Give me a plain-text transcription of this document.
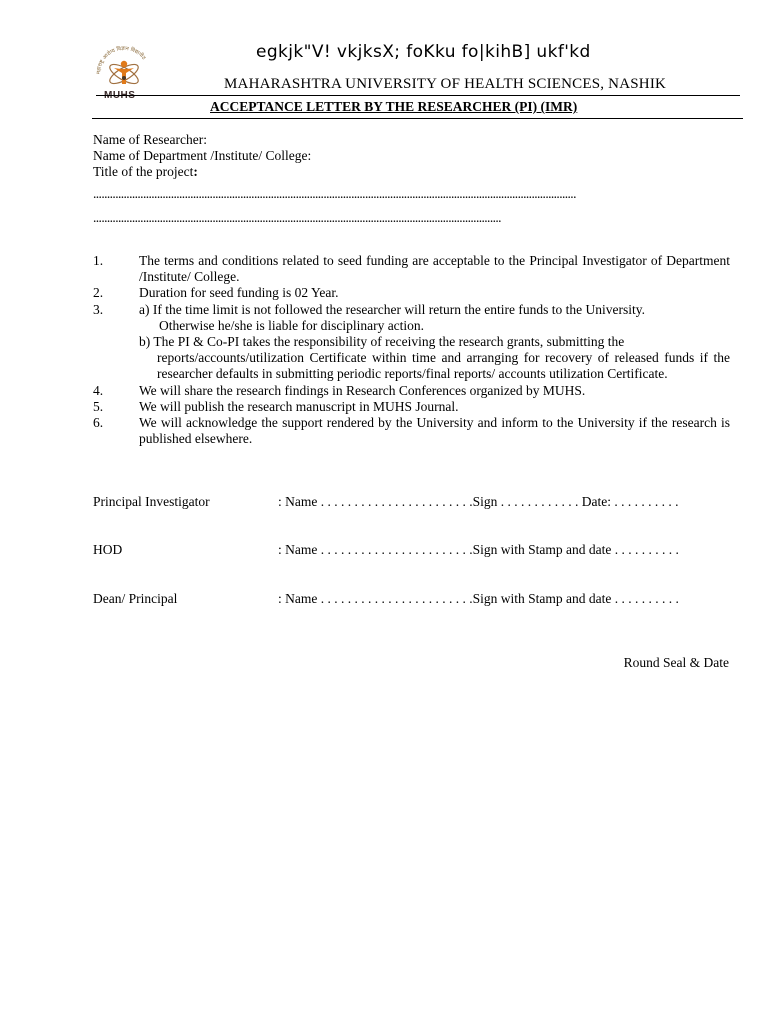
महाराष्ट्र आरोग्य विज्ञान विद्यापीठ
MUHS
egkjk"V! vkjksX; foKku fo|kihB] ukf'kd
MAHARASHTRA UNIVERSITY OF HEALTH SCIENCES, NASHIK
ACCEPTANCE LETTER BY THE RESEARCHER (PI) (IMR)
Name of Researcher:
Name of Department /Institute/ College:
Title of the project:
..............................................................................................................................................................................
...................................................................................................................................................
1.	The terms and conditions related to seed funding are acceptable to the Principal Investigator of Department /Institute/ College.
2.	Duration for seed funding is 02 Year.
3.	a) If the time limit is not followed the researcher will return the entire funds to the University.
Otherwise he/she is liable for disciplinary action.
b) The PI & Co-PI takes the responsibility of receiving the research grants, submitting the
reports/accounts/utilization Certificate within time and arranging for recovery of released funds if the researcher defaults in submitting periodic reports/final reports/ accounts utilization Certificate.
4.	We will share the research findings in Research Conferences organized by MUHS.
5.	We will publish the research manuscript in MUHS Journal.
6.	We will acknowledge the support rendered by the University and inform to the University if the research is published elsewhere.
Principal Investigator	: Name . . . . . . . . . . . . . . . . . . . . . . .Sign . . . . . . . . . . . . Date: . . . . . . . . . .
HOD	: Name . . . . . . . . . . . . . . . . . . . . . . .Sign with Stamp and date . . . . . . . . . .
Dean/ Principal	: Name . . . . . . . . . . . . . . . . . . . . . . .Sign with Stamp and date . . . . . . . . . .
Round Seal & Date
